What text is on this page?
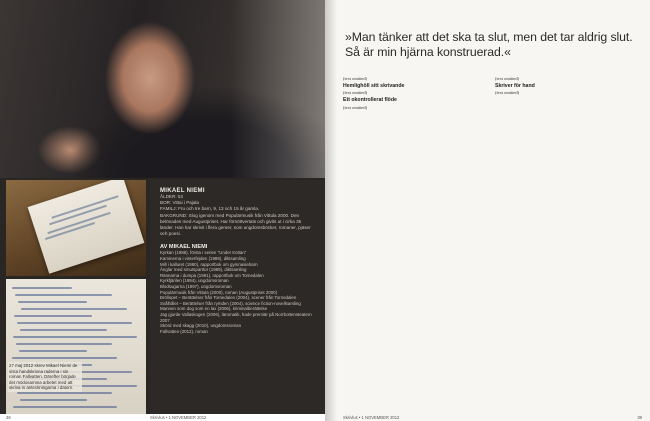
MIKAEL NIEMI
ÅLDER: 53
BOR: Vittai i Pajala
FAMILJ: Fru och tre barn, 9, 13 och 15 år gamla.
BAKGRUND: Slog igenom med Populärmusik från Vittula 2000. Den belönades med Augustpriset. Har förnöttvertats och givits ut i cirka 35 länder. Han har skrivit i flera genrer, som ungdomsböcker, romaner, pjäser och poesi.
AV MIKAEL NIEMI
Kyrkan (1988), första i serien "Under trottan"
Kaminerna i vinterfejden (1989), diktsamling
Mill i kalluret (1990), rapportbok om gymnasiebarn
Änglar med smutsparttor (1989), diktsamling
Rännarna i dumpa (1991), rapportbok om Tornedalen
Kyrkfjärilen (1994), ungdomsroman
Blodsugarna (1997), ungdomsroman
Populärmusik från Vittula (2000), roman (Augustpriset 2000)
Bröllopet – Berättelser från Tornedalen (2004), scener från Tornedalen
Svålhålet – Berättelser från rymden (2004), science fiction-novellsamling
Mannen som dog som en lax (2006), kriminalberättelse
Jag gjorde Vallaskogen (2006), läromatik, hade premiär på Norrbottensteatern 2007
Skörd med skagg (2010), ungdomsroman
Fallvatten (2012), roman
27 maj 2012 skrev Mikael Niemi de sista handskrivna raderna i sin roman Fallvatten. Därefter började det mödosamma arbetet med att skriva in anteckningarna i datorn.
38	Skrivlus • 1 NOVEMBER 2012
»Man tänker att det ska ta slut, men det tar aldrig slut. Så är min hjärna konstruerad.«

(text omitted)

Hemlighöll sitt skrivande

(text omitted)

Ett okontrollerat flöde

(text omitted)

(text omitted)

Skriver för hand

(text omitted)

Skrivlus • 1 NOVEMBER 2012	39
